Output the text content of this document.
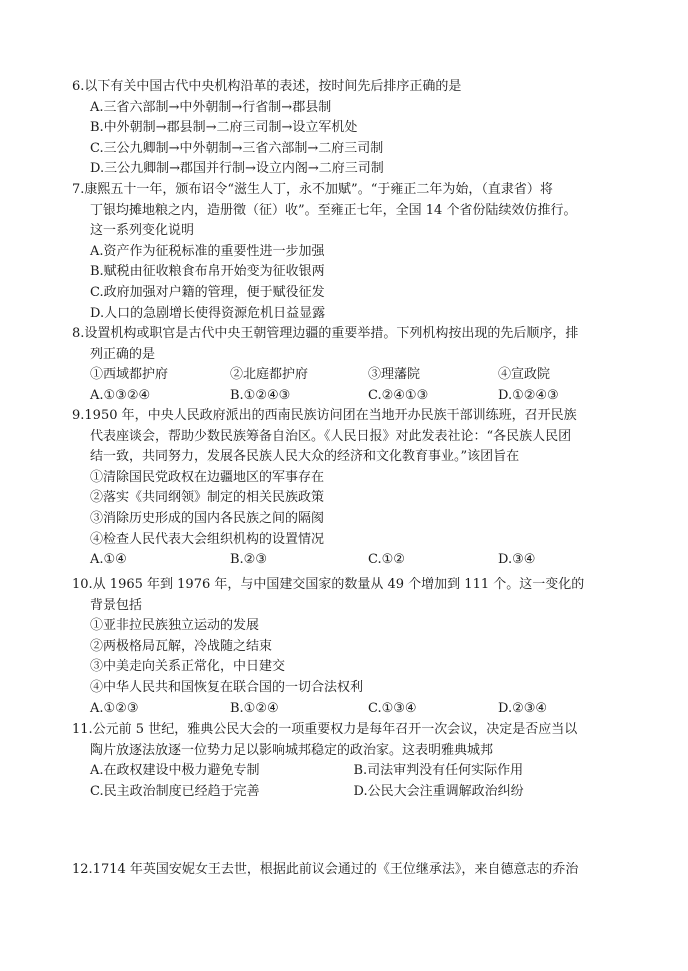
6.以下有关中国古代中央机构沿革的表述，按时间先后排序正确的是
A.三省六部制→中外朝制→行省制→郡县制
B.中外朝制→郡县制→二府三司制→设立军机处
C.三公九卿制→中外朝制→三省六部制→二府三司制
D.三公九卿制→郡国并行制→设立内阁→二府三司制
7.康熙五十一年，颁布诏令“滋生人丁，永不加赋”。“于雍正二年为始，（直隶省）将
丁银均摊地粮之内，造册徵（征）收”。至雍正七年，全国 14 个省份陆续效仿推行。
这一系列变化说明
A.资产作为征税标准的重要性进一步加强
B.赋税由征收粮食布帛开始变为征收银两
C.政府加强对户籍的管理，便于赋役征发
D.人口的急剧增长使得资源危机日益显露
8.设置机构或职官是古代中央王朝管理边疆的重要举措。下列机构按出现的先后顺序，排
列正确的是
①西域都护府	②北庭都护府	③理藩院	④宣政院
A.①③②④	B.①②④③	C.②④①③	D.①②④③
9.1950 年，中央人民政府派出的西南民族访问团在当地开办民族干部训练班，召开民族
代表座谈会，帮助少数民族筹备自治区。《人民日报》对此发表社论：“各民族人民团
结一致，共同努力，发展各民族人民大众的经济和文化教育事业。”该团旨在
①清除国民党政权在边疆地区的军事存在
②落实《共同纲领》制定的相关民族政策
③消除历史形成的国内各民族之间的隔阂
④检查人民代表大会组织机构的设置情况
A.①④	B.②③	C.①②	D.③④
10.从 1965 年到 1976 年，与中国建交国家的数量从 49 个增加到 111 个。这一变化的
背景包括
①亚非拉民族独立运动的发展
②两极格局瓦解，冷战随之结束
③中美走向关系正常化，中日建交
④中华人民共和国恢复在联合国的一切合法权利
A.①②③	B.①②④	C.①③④	D.②③④
11.公元前 5 世纪，雅典公民大会的一项重要权力是每年召开一次会议，决定是否应当以
陶片放逐法放逐一位势力足以影响城邦稳定的政治家。这表明雅典城邦
A.在政权建设中极力避免专制	B.司法审判没有任何实际作用
C.民主政治制度已经趋于完善	D.公民大会注重调解政治纠纷
12.1714 年英国安妮女王去世，根据此前议会通过的《王位继承法》，来自德意志的乔治
